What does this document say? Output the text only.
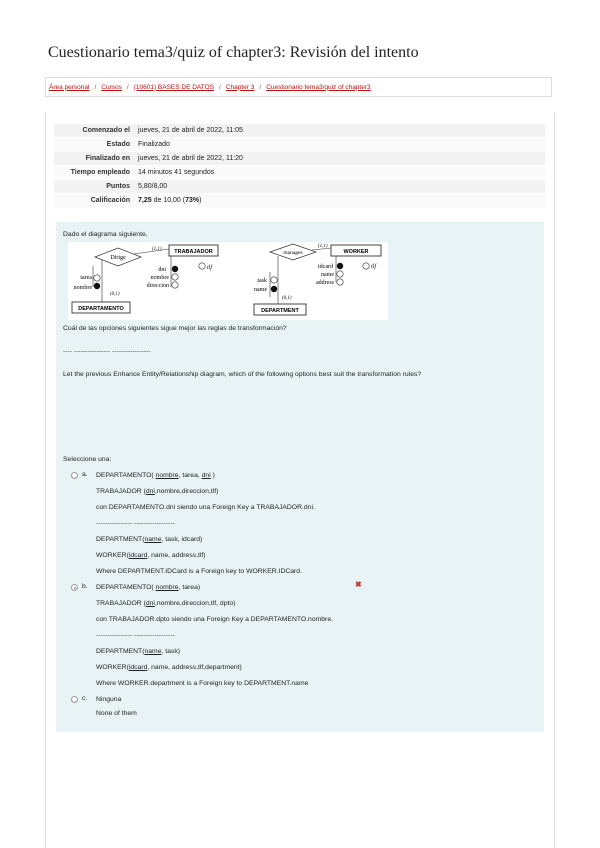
Cuestionario tema3/quiz of chapter3: Revisión del intento
Área personal / Cursos / (10601) BASES DE DATOS / Chapter 3 / Cuestionario tema3/quiz of chapter3
Comenzado el	jueves, 21 de abril de 2022, 11:05
Estado	Finalizado
Finalizado en	jueves, 21 de abril de 2022, 11:20
Tiempo empleado	14 minutos 41 segundos
Puntos	5,80/8,00
Calificación	7,25 de 10,00 (73%)
Dado el diagrama siguiente,
Dirige
TRABAJADOR
(1,1)
DEPARTAMENTO
(0,1)
dni
nombre
direccion
tlf
tarea
nombre
manages	WORKER
(1,1)
DEPARTMENT
(0,1)
idcard
name
address
tlf
task
name
Cuál de las opciones siguientes sigue mejor las reglas de transformación?
---- ---------------- -----------------
Let the previous Enhance Entity/Relationship diagram, which of the following options best suit the transformation rules?
Seleccione una:
a. DEPARTAMENTO( nombre, tarea, dni )
TRABAJADOR (dni,nombre,direccion,tlf)
con DEPARTAMENTO.dni siendo una Foreign Key a TRABAJADOR.dni.
---------------- ------------------
DEPARTMENT(name, task, idcard)
WORKER(idcard, name, address,tlf)
Where DEPARTMENT.IDCard is a Foreign key to WORKER.IDCard.
b. DEPARTAMENTO( nombre, tarea)	✖
TRABAJADOR (dni,nombre,direccion,tlf, dpto)
con TRABAJADOR.dpto siendo una Foreign Key a DEPARTAMENTO.nombre.
---------------- ------------------
DEPARTMENT(name, task)
WORKER(idcard, name, address,tlf,department)
Where WORKER.department is a Foreign key to DEPARTMENT.name
c. Ninguna
None of them
